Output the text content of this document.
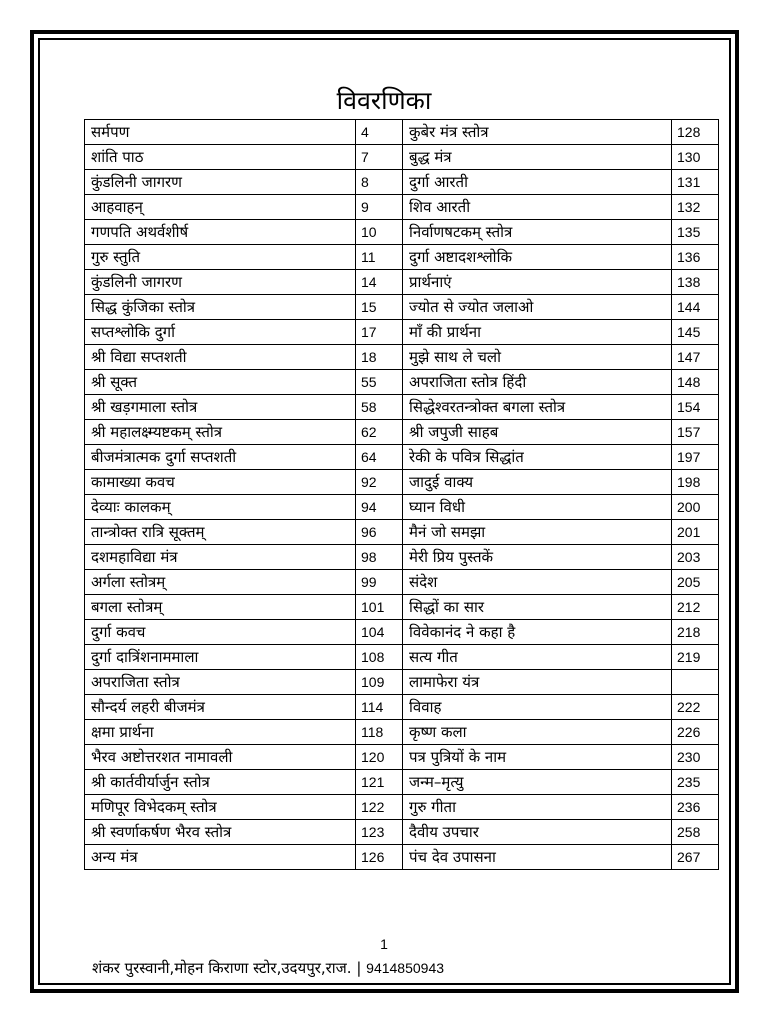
विवरणिका
सर्मपण	4	कुबेर मंत्र स्तोत्र	128
शांति पाठ	7	बुद्ध मंत्र	130
कुंडलिनी जागरण	8	दुर्गा आरती	131
आहवाहन्	9	शिव आरती	132
गणपति अथर्वशीर्ष	10	निर्वाणषटकम् स्तोत्र	135
गुरु स्तुति	11	दुर्गा अष्टादशश्लोकि	136
कुंडलिनी जागरण	14	प्रार्थनाएं	138
सिद्ध कुंजिका स्तोत्र	15	ज्योत से ज्योत जलाओ	144
सप्तश्लोकि दुर्गा	17	माँ की प्रार्थना	145
श्री विद्या सप्तशती	18	मुझे साथ ले चलो	147
श्री सूक्त	55	अपराजिता स्तोत्र हिंदी	148
श्री खड़गमाला स्तोत्र	58	सिद्धेश्वरतन्त्रोक्त बगला स्तोत्र	154
श्री महालक्ष्म्यष्टकम् स्तोत्र	62	श्री जपुजी साहब	157
बीजमंत्रात्मक दुर्गा सप्तशती	64	रेकी के पवित्र सिद्धांत	197
कामाख्या कवच	92	जादुई वाक्य	198
देव्याः कालकम्	94	घ्यान विधी	200
तान्त्रोक्त रात्रि सूक्तम्	96	मैनं जो समझा	201
दशमहाविद्या मंत्र	98	मेरी प्रिय पुस्तकें	203
अर्गला स्तोत्रम्	99	संदेश	205
बगला स्तोत्रम्	101	सिद्धों का सार	212
दुर्गा कवच	104	विवेकानंद ने कहा है	218
दुर्गा दात्रिंशनाममाला	108	सत्य गीत	219
अपराजिता स्तोत्र	109	लामाफेरा यंत्र	
सौन्दर्य लहरी बीजमंत्र	114	विवाह	222
क्षमा प्रार्थना	118	कृष्ण कला	226
भैरव अष्टोत्तरशत नामावली	120	पत्र पुत्रियों के नाम	230
श्री कार्तवीर्यार्जुन स्तोत्र	121	जन्म–मृत्यु	235
मणिपूर विभेदकम् स्तोत्र	122	गुरु गीता	236
श्री स्वर्णाकर्षण भैरव स्तोत्र	123	दैवीय उपचार	258
अन्य मंत्र	126	पंच देव उपासना	267
1
शंकर पुरस्वानी,मोहन किराणा स्टोर,उदयपुर,राज. | 9414850943
